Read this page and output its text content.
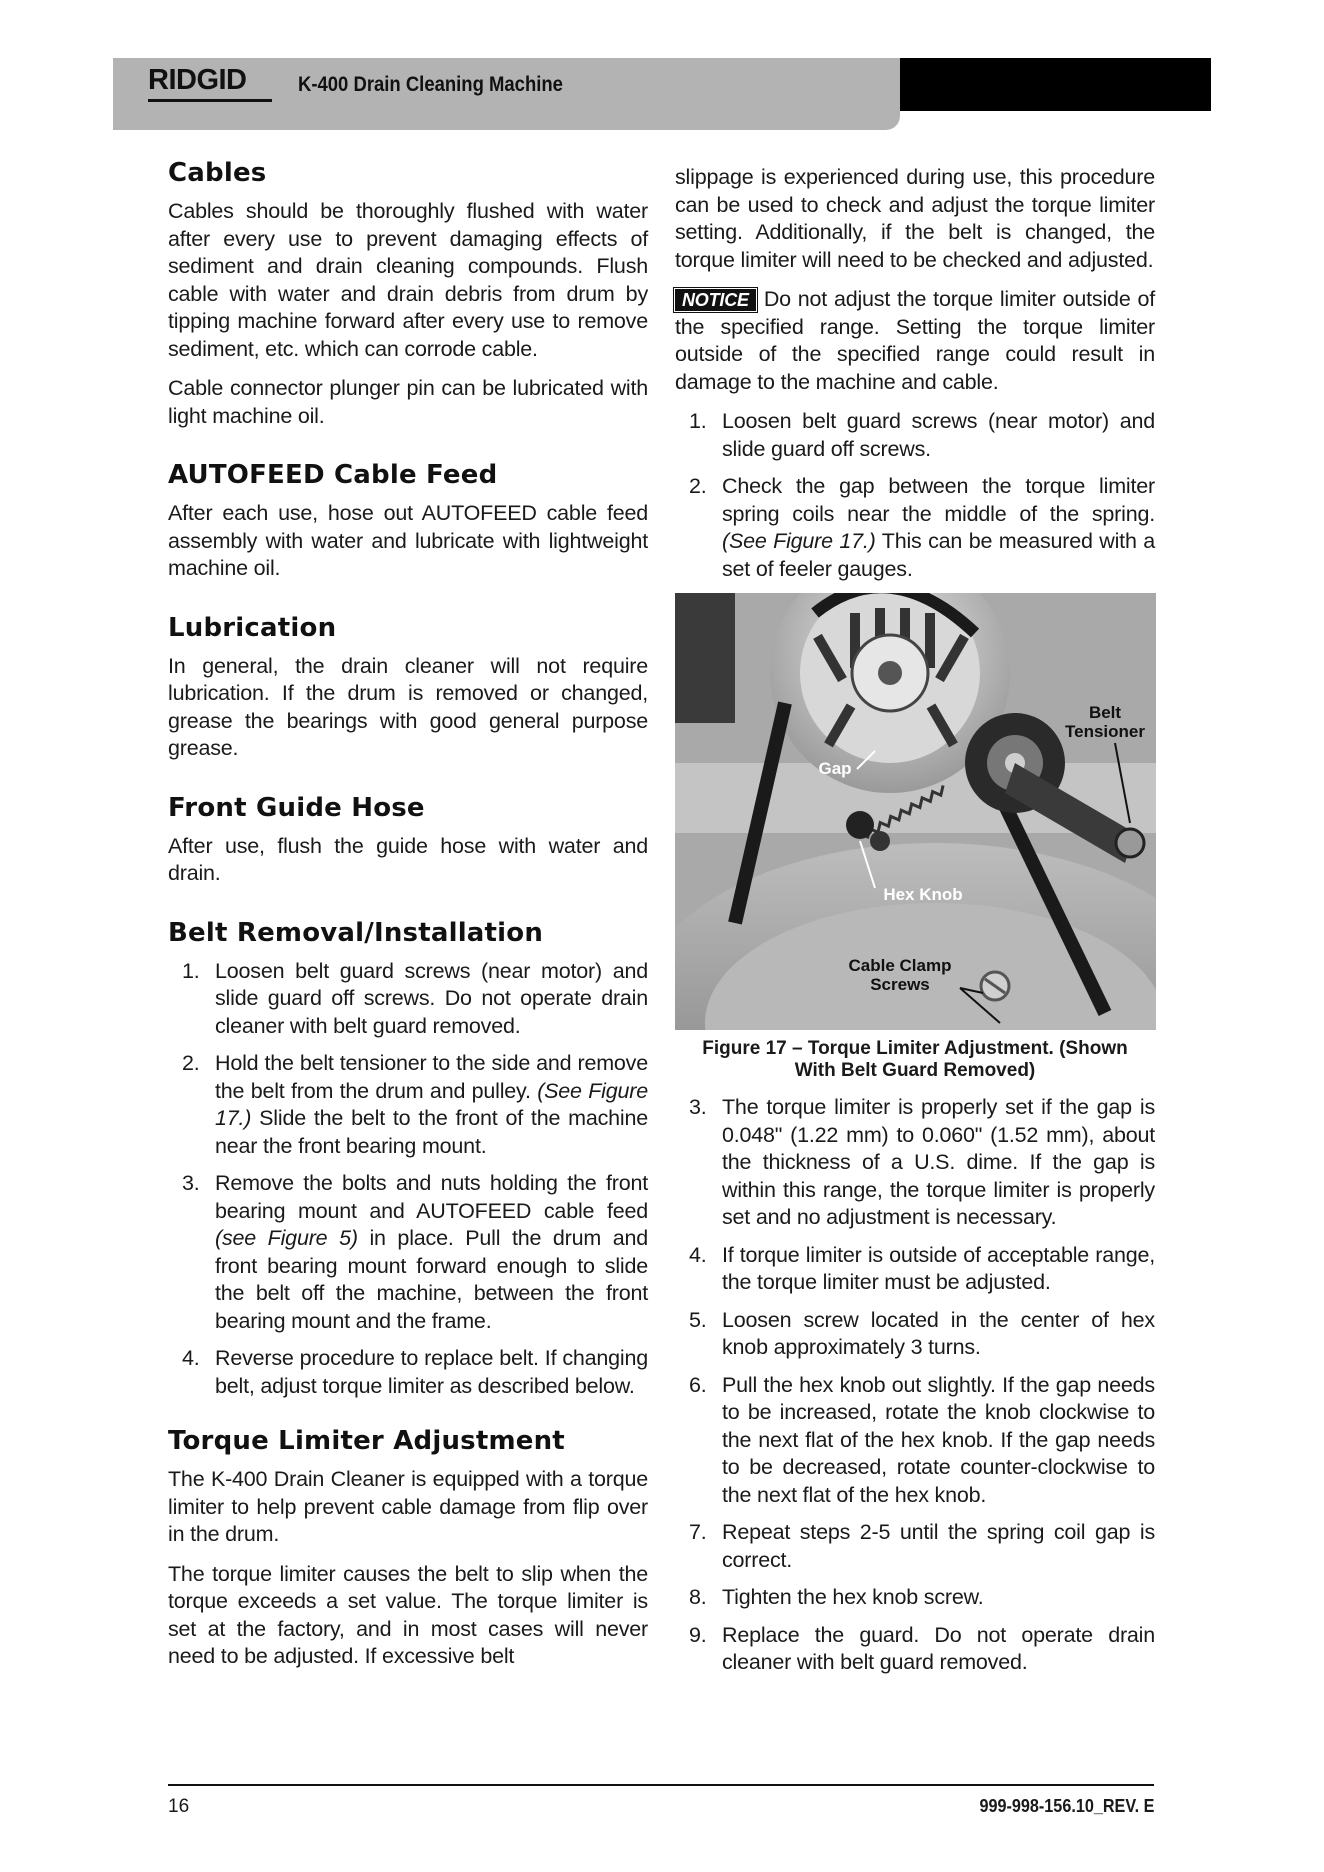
RIDGID K-400 Drain Cleaning Machine
Cables

Cables should be thoroughly flushed with water after every use to prevent damaging effects of sediment and drain cleaning compounds. Flush cable with water and drain debris from drum by tipping machine forward after every use to remove sediment, etc. which can corrode cable.

Cable connector plunger pin can be lubricated with light machine oil.

AUTOFEED Cable Feed

After each use, hose out AUTOFEED cable feed assembly with water and lubricate with lightweight machine oil.

Lubrication

In general, the drain cleaner will not require lubrication. If the drum is removed or changed, grease the bearings with good general purpose grease.

Front Guide Hose

After use, flush the guide hose with water and drain.

Belt Removal/Installation
1. Loosen belt guard screws (near motor) and slide guard off screws. Do not operate drain cleaner with belt guard removed.
2. Hold the belt tensioner to the side and remove the belt from the drum and pulley. (See Figure 17.) Slide the belt to the front of the machine near the front bearing mount.
3. Remove the bolts and nuts holding the front bearing mount and AUTOFEED cable feed (see Figure 5) in place. Pull the drum and front bearing mount forward enough to slide the belt off the machine, between the front bearing mount and the frame.
4. Reverse procedure to replace belt. If changing belt, adjust torque limiter as described below.
Torque Limiter Adjustment

The K-400 Drain Cleaner is equipped with a torque limiter to help prevent cable damage from flip over in the drum.

The torque limiter causes the belt to slip when the torque exceeds a set value. The torque limiter is set at the factory, and in most cases will never need to be adjusted. If excessive belt

slippage is experienced during use, this procedure can be used to check and adjust the torque limiter setting. Additionally, if the belt is changed, the torque limiter will need to be checked and adjusted.

NOTICE Do not adjust the torque limiter outside of the specified range. Setting the torque limiter outside of the specified range could result in damage to the machine and cable.

1. Loosen belt guard screws (near motor) and slide guard off screws.
2. Check the gap between the torque limiter spring coils near the middle of the spring. (See Figure 17.) This can be measured with a set of feeler gauges.
Belt
Tensioner
Gap
Hex Knob
Cable Clamp
Screws
Figure 17 – Torque Limiter Adjustment. (Shown
With Belt Guard Removed)
3. The torque limiter is properly set if the gap is 0.048" (1.22 mm) to 0.060" (1.52 mm), about the thickness of a U.S. dime. If the gap is within this range, the torque limiter is properly set and no adjustment is necessary.
4. If torque limiter is outside of acceptable range, the torque limiter must be adjusted.
5. Loosen screw located in the center of hex knob approximately 3 turns.
6. Pull the hex knob out slightly. If the gap needs to be increased, rotate the knob clockwise to the next flat of the hex knob. If the gap needs to be decreased, rotate counter-clockwise to the next flat of the hex knob.
7. Repeat steps 2-5 until the spring coil gap is correct.
8. Tighten the hex knob screw.
9. Replace the guard. Do not operate drain cleaner with belt guard removed.
16	999-998-156.10_REV. E
